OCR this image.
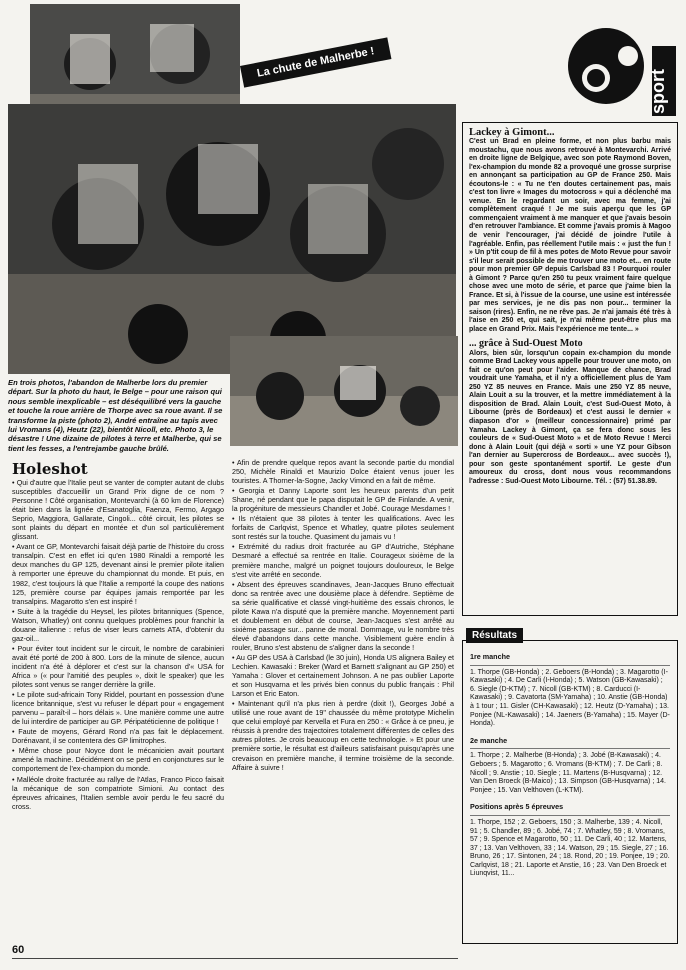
La chute de Malherbe !
sport
En trois photos, l'abandon de Malherbe lors du premier départ. Sur la photo du haut, le Belge – pour une raison qui nous semble inexplicable – est déséquilibré vers la gauche et touche la roue arrière de Thorpe avec sa roue avant. Il se transforme la piste (photo 2), André entraîne au tapis avec lui Vromans (4), Heutz (22), bientôt Nicoll, etc. Photo 3, le désastre ! Une dizaine de pilotes à terre et Malherbe, qui se tient les fesses, a l'entrejambe gauche brûlé.
Holeshot

• Qui d'autre que l'Italie peut se vanter de compter autant de clubs susceptibles d'accueillir un Grand Prix digne de ce nom ? Personne ! Côté organisation, Montevarchi (à 60 km de Florence) était bien dans la lignée d'Esanatoglia, Faenza, Fermo, Argago Seprio, Maggiora, Gallarate, Cingoli... côté circuit, les pilotes se sont plaints du départ en montée et d'un sol particulièrement glissant.

• Avant ce GP, Montevarchi faisait déjà partie de l'histoire du cross transalpin. C'est en effet ici qu'en 1980 Rinaldi a remporté les deux manches du GP 125, devenant ainsi le premier pilote italien à remporter une épreuve du championnat du monde. Et puis, en 1982, c'est toujours là que l'Italie a remporté la coupe des nations 125, première course par équipes jamais remportée par les transalpins. Magarotto s'en est inspiré !

• Suite à la tragédie du Heysel, les pilotes britanniques (Spence, Watson, Whatley) ont connu quelques problèmes pour franchir la douane italienne : refus de viser leurs carnets ATA, d'obtenir du gaz-oil...

• Pour éviter tout incident sur le circuit, le nombre de carabinieri avait été porté de 200 à 800. Lors de la minute de silence, aucun incident n'a été à déplorer et c'est sur la chanson d'« USA for Africa » (« pour l'amitié des peuples », dixit le speaker) que les pilotes sont venus se ranger derrière la grille.

• Le pilote sud-africain Tony Riddel, pourtant en possession d'une licence britannique, s'est vu refuser le départ pour « engagement parvenu – paraît-il – hors délais ». Une manière comme une autre de lui interdire de participer au GP. Péripatéticienne de politique !

• Faute de moyens, Gérard Rond n'a pas fait le déplacement. Dorénavant, il se contentera des GP limitrophes.

• Même chose pour Noyce dont le mécanicien avait pourtant amené la machine. Décidément on se perd en conjonctures sur le comportement de l'ex-champion du monde.

• Malléole droite fracturée au rallye de l'Atlas, Franco Picco faisait la mécanique de son compatriote Simioni. Au contact des épreuves africaines, l'Italien semble avoir perdu le feu sacré du cross.

• Afin de prendre quelque repos avant la seconde partie du mondial 250, Michèle Rinaldi et Maurizio Dolce étaient venus jouer les touristes. A Thorner-la-Sogne, Jacky Vimond en a fait de même.

• Georgia et Danny Laporte sont les heureux parents d'un petit Shane, né pendant que le papa disputait le GP de Finlande. A venir, la progéniture de messieurs Chandler et Jobé. Courage Mesdames !

• Ils n'étaient que 38 pilotes à tenter les qualifications. Avec les forfaits de Carlqvist, Spence et Whatley, quatre pilotes seulement sont restés sur la touche. Quasiment du jamais vu !

• Extrémité du radius droit fracturée au GP d'Autriche, Stéphane Desmaré a effectué sa rentrée en Italie. Courageux sixième de la première manche, malgré un poignet toujours douloureux, le Belge s'est vite arrêté en seconde.

• Absent des épreuves scandinaves, Jean-Jacques Bruno effectuait donc sa rentrée avec une dousième place à défendre. Septième de sa série qualificative et classé vingt-huitième des essais chronos, le pilote Kawa n'a disputé que la première manche. Moyennement parti et doublement en début de course, Jean-Jacques s'est arrêté au sixième passage sur... panne de moral. Dommage, vu le nombre très élevé d'abandons dans cette manche. Visiblement guère enclin à rouler, Bruno s'est abstenu de s'aligner dans la seconde !

• Au GP des USA à Carlsbad (le 30 juin), Honda US alignera Bailey et Lechien. Kawasaki : Breker (Ward et Barnett s'alignant au GP 250) et Yamaha : Glover et certainement Johnson. A ne pas oublier Laporte et son Husqvarna et les privés bien connus du public français : Phil Larson et Eric Eaton.

• Maintenant qu'il n'a plus rien à perdre (dixit !), Georges Jobé a utilisé une roue avant de 19" chaussée du même prototype Michelin que celui employé par Kervella et Fura en 250 : « Grâce à ce pneu, je réussis à prendre des trajectoires totalement différentes de celles des autres pilotes. Je crois beaucoup en cette technologie. » Et pour une première sortie, le résultat est d'ailleurs satisfaisant puisqu'après une crevaison en première manche, il termine troisième de la seconde. Affaire à suivre !

Lackey à Gimont...
C'est un Brad en pleine forme, et non plus barbu mais moustachu, que nous avons retrouvé à Montevarchi. Arrivé en droite ligne de Belgique, avec son pote Raymond Boven, l'ex-champion du monde 82 a provoqué une grosse surprise en annonçant sa participation au GP de France 250. Mais écoutons-le : « Tu ne t'en doutes certainement pas, mais c'est ton livre « Images du motocross » qui a déclenché ma venue. En le regardant un soir, avec ma femme, j'ai complètement craqué ! Je me suis aperçu que les GP commençaient vraiment à me manquer et que j'avais besoin d'en retrouver l'ambiance. Et comme j'avais promis à Magoo de venir l'encourager, j'ai décidé de joindre l'utile à l'agréable. Enfin, pas réellement l'utile mais : « just the fun ! » Un p'tit coup de fil à mes potes de Moto Revue pour savoir s'il leur serait possible de me trouver une moto et... en route pour mon premier GP depuis Carlsbad 83 ! Pourquoi rouler à Gimont ? Parce qu'en 250 tu peux vraiment faire quelque chose avec une moto de série, et parce que j'aime bien la France. Et si, à l'issue de la course, une usine est intéressée par mes services, je ne dis pas non pour... terminer la saison (rires). Enfin, ne ne rêve pas. Je n'ai jamais été très à l'aise en 250 et, qui sait, je n'ai même peut-être plus ma place en Grand Prix. Mais l'expérience me tente... »
... grâce à Sud-Ouest Moto
Alors, bien sûr, lorsqu'un copain ex-champion du monde comme Brad Lackey vous appelle pour trouver une moto, on fait ce qu'on peut pour l'aider. Manque de chance, Brad voudrait une Yamaha, et il n'y a officiellement plus de Yam 250 YZ 85 neuves en France. Mais une 250 YZ 85 neuve, Alain Louit a su la trouver, et la mettre immédiatement à la disposition de Brad. Alain Louit, c'est Sud-Ouest Moto, à Libourne (près de Bordeaux) et c'est aussi le dernier « diapason d'or » (meilleur concessionnaire) primé par Yamaha. Lackey à Gimont, ça se fera donc sous les couleurs de « Sud-Ouest Moto » et de Moto Revue ! Merci donc à Alain Louit (qui déjà « sorti » une YZ pour Gibson l'an dernier au Supercross de Bordeaux... avec succès !), pour son geste spontanément sportif. Le geste d'un amoureux du cross, dont nous vous recommandons l'adresse : Sud-Ouest Moto Libourne. Tél. : (57) 51.38.89.
1re manche
1. Thorpe (GB-Honda) ; 2. Geboers (B-Honda) ; 3. Magarotto (I-Kawasaki) ; 4. De Carli (I-Honda) ; 5. Watson (GB-Kawasaki) ; 6. Siegle (D-KTM) ; 7. Nicoll (GB-KTM) ; 8. Carducci (I-Kawasaki) ; 9. Cavatorta (SM-Yamaha) ; 10. Anstie (GB-Honda) à 1 tour ; 11. Gisler (CH-Kawasaki) ; 12. Heutz (D-Yamaha) ; 13. Ponjee (NL-Kawasaki) ; 14. Jaeners (B-Yamaha) ; 15. Mayer (D-Honda).
2e manche
1. Thorpe ; 2. Malherbe (B-Honda) ; 3. Jobé (B-Kawasaki) ; 4. Geboers ; 5. Magarotto ; 6. Vromans (B-KTM) ; 7. De Carli ; 8. Nicoll ; 9. Anstie ; 10. Siegle ; 11. Martens (B-Husqvarna) ; 12. Van Den Broeck (B-Maico) ; 13. Simpson (GB-Husqvarna) ; 14. Ponjee ; 15. Van Velthoven (L-KTM).
Positions après 5 épreuves
1. Thorpe, 152 ; 2. Geboers, 150 ; 3. Malherbe, 139 ; 4. Nicoll, 91 ; 5. Chandler, 89 ; 6. Jobé, 74 ; 7. Whatley, 59 ; 8. Vromans, 57 ; 9. Spence et Magarotto, 50 ; 11. De Carli, 40 ; 12. Martens, 37 ; 13. Van Velthoven, 33 ; 14. Watson, 29 ; 15. Siegle, 27 ; 16. Bruno, 26 ; 17. Sintonen, 24 ; 18. Rond, 20 ; 19. Ponjee, 19 ; 20. Carlqvist, 18 ; 21. Laporte et Anstie, 16 ; 23. Van Den Broeck et Liunqvist, 11...
Résultats
60
